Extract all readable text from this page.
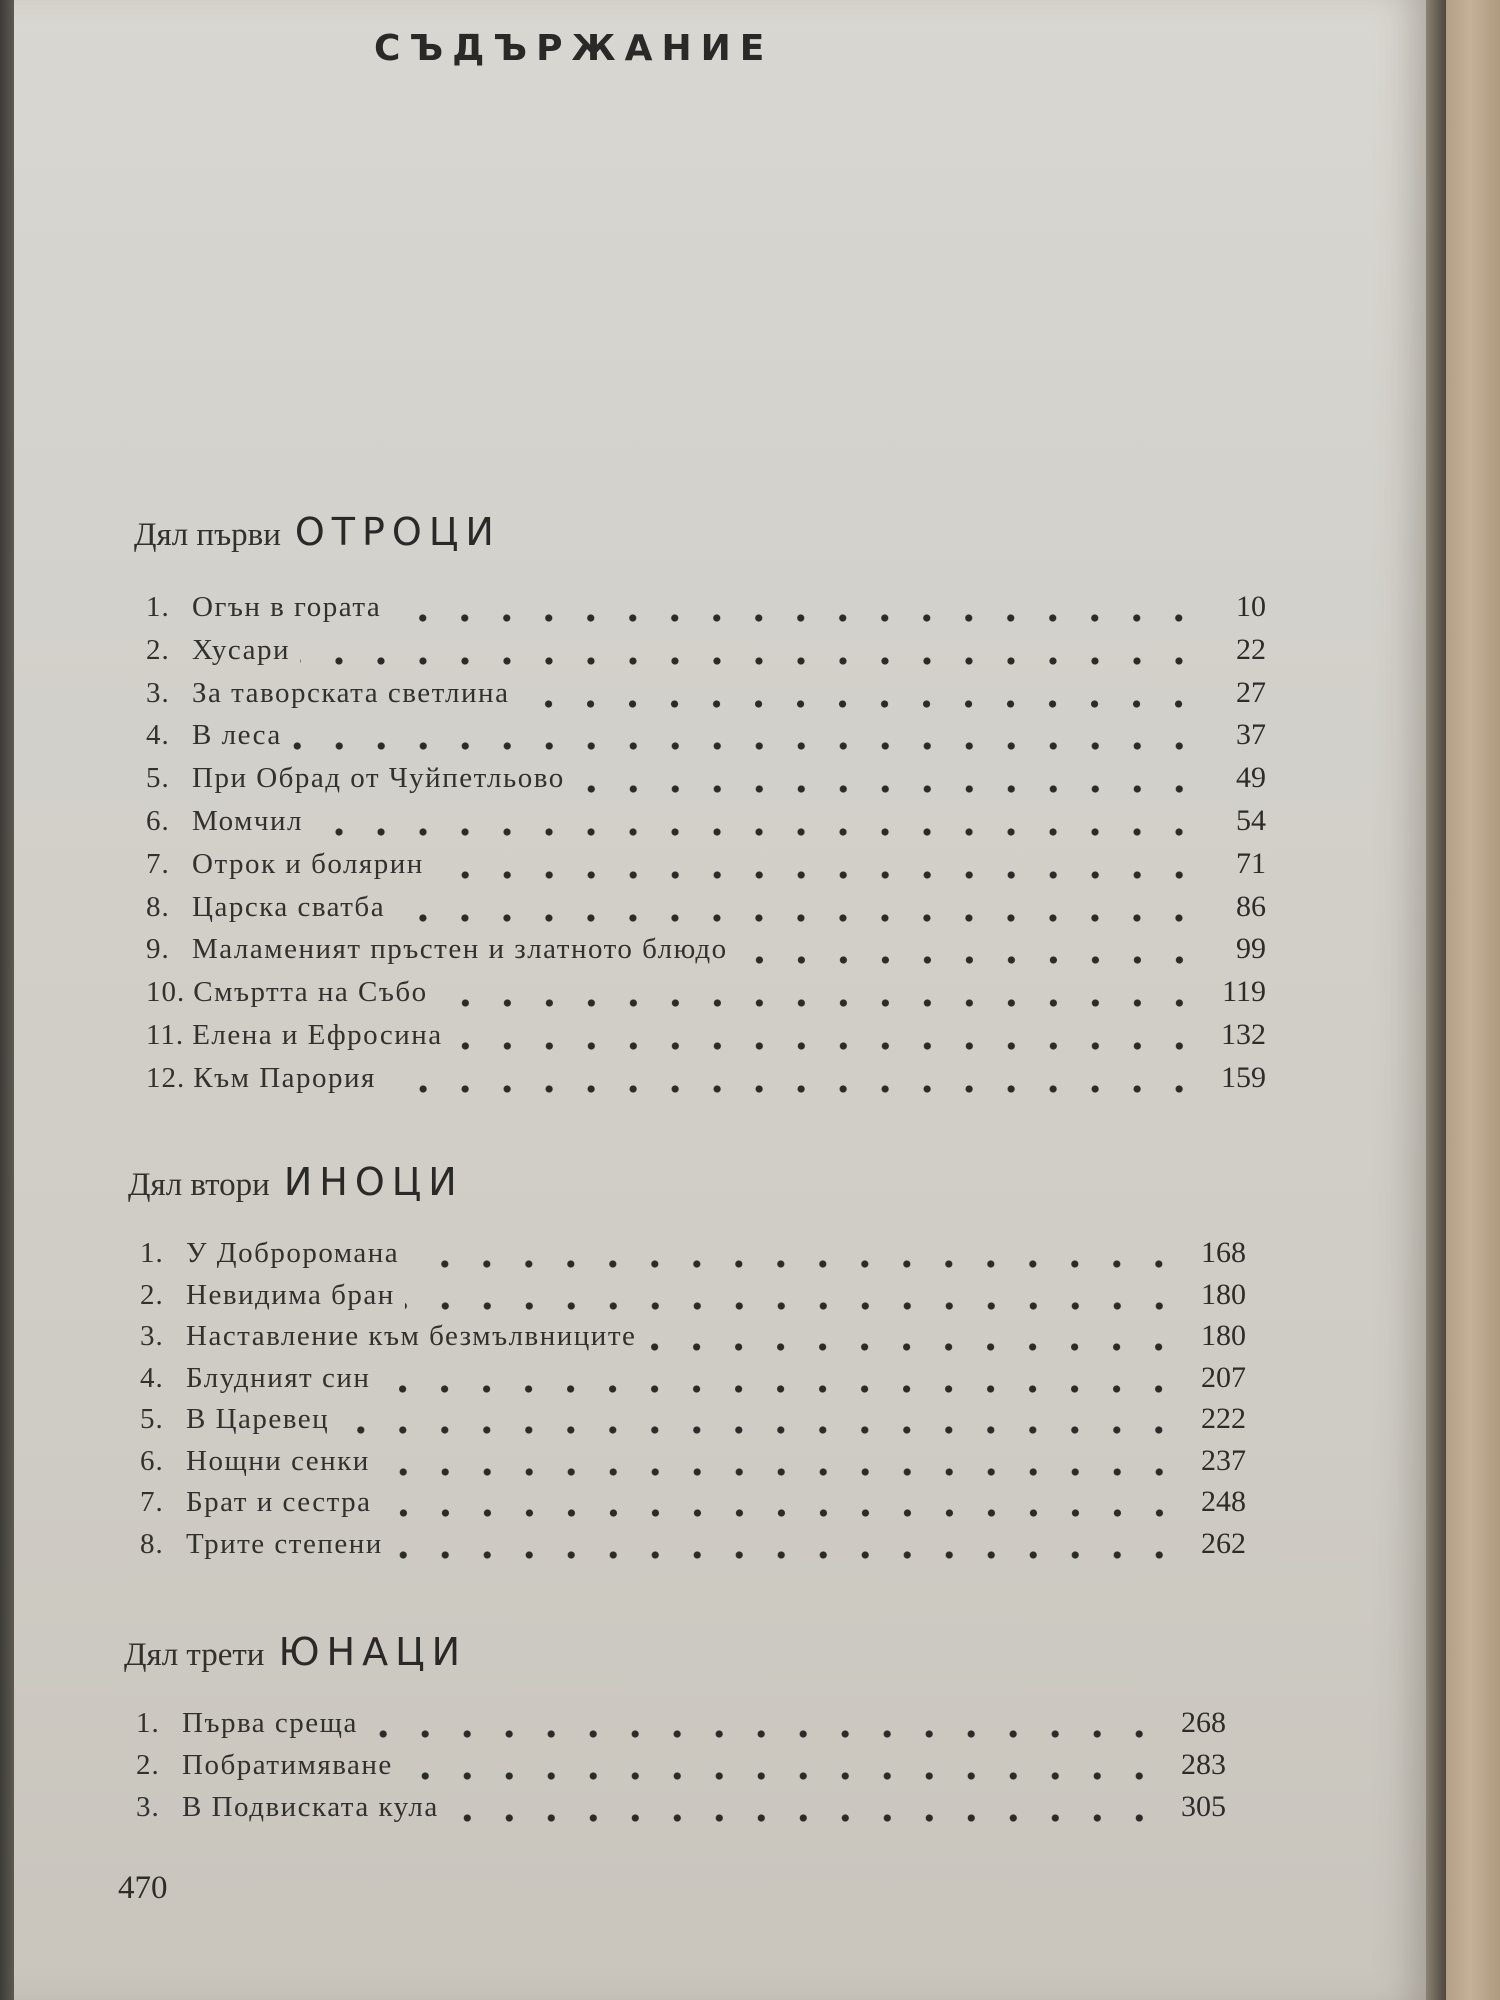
СЪДЪРЖАНИЕ
Дял първи ОТРОЦИ
1. Огън в гората	10
2. Хусари	22
3. За таворската светлина	27
4. В леса	37
5. При Обрад от Чуйпетльово	49
6. Момчил	54
7. Отрок и болярин	71
8. Царска сватба	86
9. Маламеният пръстен и златното блюдо	99
10. Смъртта на Събо	119
11. Елена и Ефросина	132
12. Към Парория	159
Дял втори ИНОЦИ
1. У Доброромана	168
2. Невидима бран	180
3. Наставление към безмълвниците	180
4. Блудният син	207
5. В Царевец	222
6. Нощни сенки	237
7. Брат и сестра	248
8. Трите степени	262
Дял трети ЮНАЦИ
1. Първа среща	268
2. Побратимяване	283
3. В Подвиската кула	305
470
